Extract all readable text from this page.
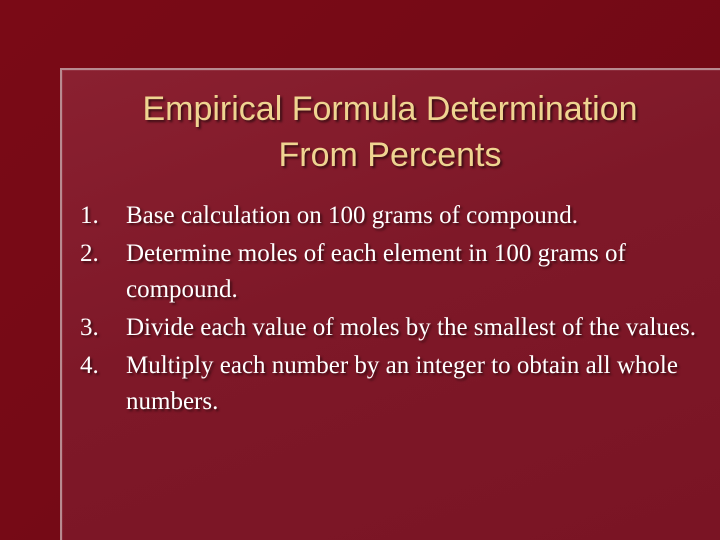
Empirical Formula Determination
From Percents
1.	Base calculation on 100 grams of compound.
2.	Determine moles of each element in 100 grams of compound.
3.	Divide each value of moles by the smallest of the values.
4.	Multiply each number by an integer to obtain all whole numbers.
